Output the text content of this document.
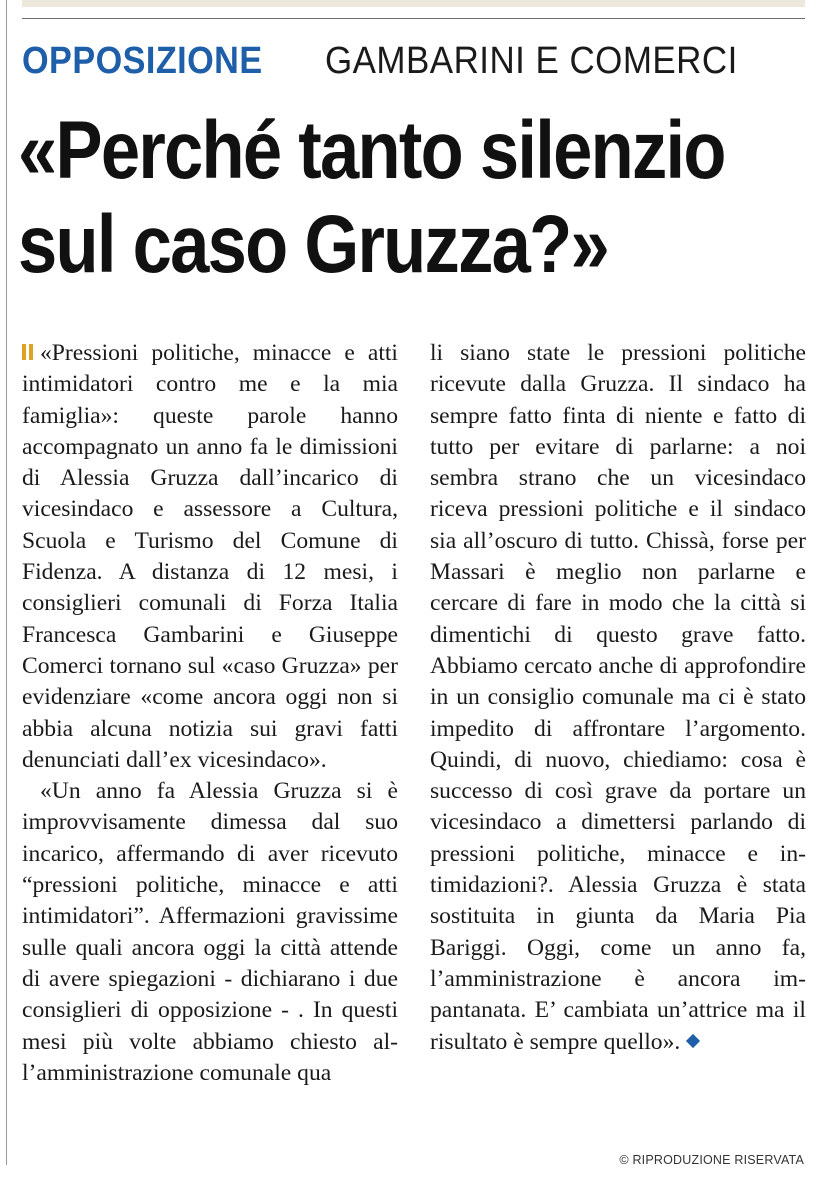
OPPOSIZIONE GAMBARINI E COMERCI
«Perché tanto silenzio
sul caso Gruzza?»

«Pressioni politiche, minacce e atti intimidatori contro me e la mia famiglia»: queste parole hanno accompagnato un anno fa le dimissioni di Alessia Gruzza dall’incarico di vicesindaco e assessore a Cultura, Scuola e Turismo del Comune di Fidenza. A distanza di 12 mesi, i consiglieri comunali di Forza Italia Francesca Gambarini e Giuseppe Comerci tornano sul «caso Gruzza» per evidenziare «come ancora oggi non si abbia alcuna notizia sui gravi fatti denunciati dall’ex vicesindaco».

«Un anno fa Alessia Gruzza si è improvvisamente dimessa dal suo incarico, affermando di aver ricevuto “pressioni politiche, minacce e atti intimidatori”. Affermazioni gravissime sulle quali ancora oggi la città attende di avere spiegazioni - dichiarano i due consiglieri di opposizione - . In questi mesi più volte abbiamo chiesto all’amministrazione comunale qua

li siano state le pressioni politiche ricevute dalla Gruzza. Il sindaco ha sempre fatto finta di niente e fatto di tutto per evitare di parlarne: a noi sembra strano che un vicesindaco riceva pressioni politiche e il sindaco sia all’oscuro di tutto. Chissà, forse per Massari è meglio non parlarne e cercare di fare in modo che la città si dimentichi di questo grave fatto. Abbiamo cercato anche di approfondire in un consiglio comunale ma ci è stato impedito di affrontare l’argomento. Quindi, di nuovo, chiediamo: cosa è successo di così grave da portare un vicesindaco a dimettersi parlando di pressioni politiche, minacce e intimidazioni?. Alessia Gruzza è stata sostituita in giunta da Maria Pia Bariggi. Oggi, come un anno fa, l’amministrazione è ancora impantanata. E’ cambiata un’attrice ma il risultato è sempre quello».

© RIPRODUZIONE RISERVATA
